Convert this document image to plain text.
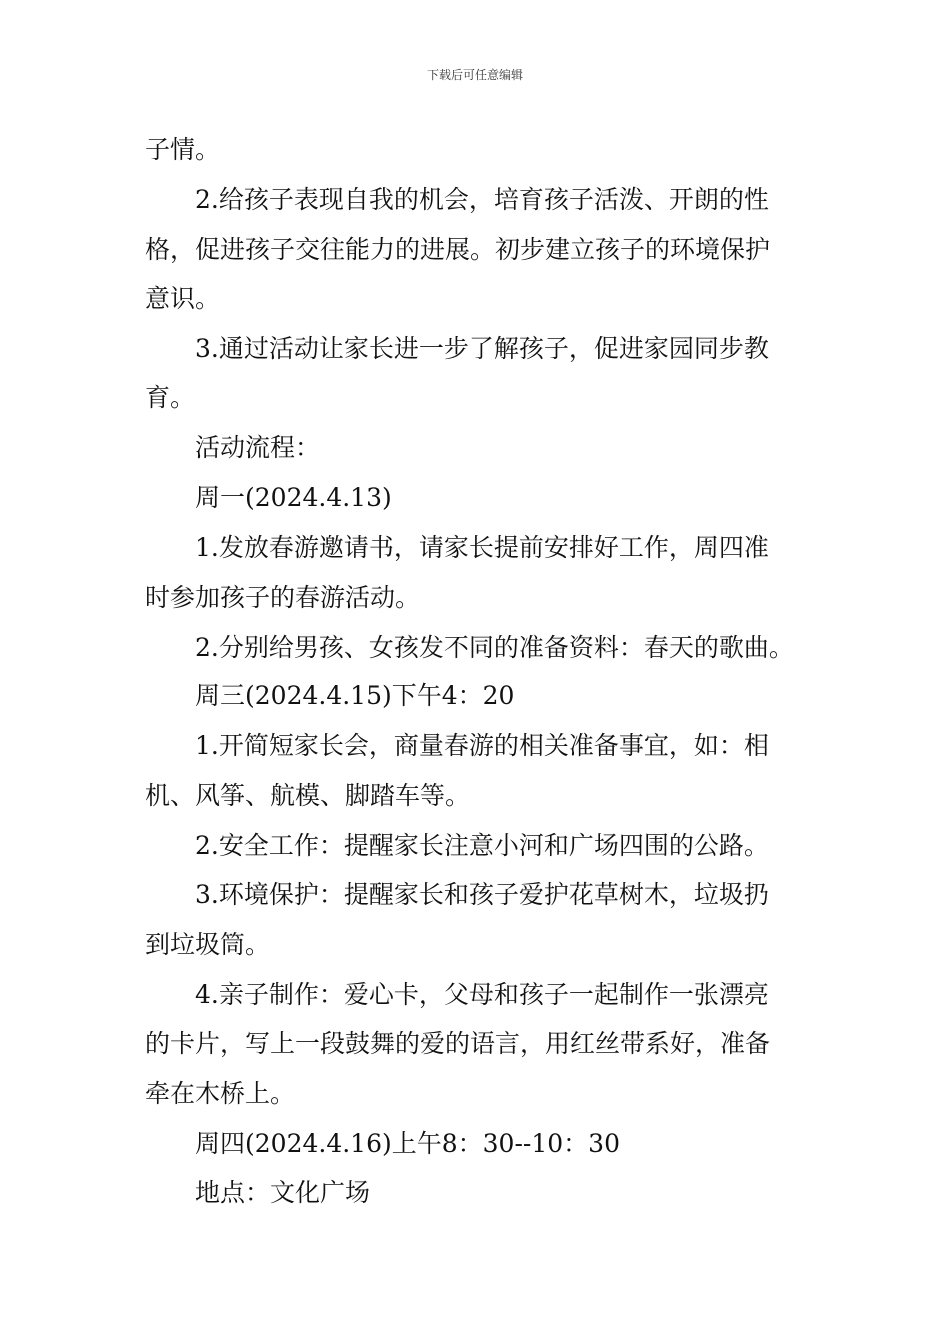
下载后可任意编辑
子情。
2.给孩子表现自我的机会，培育孩子活泼、开朗的性
格，促进孩子交往能力的进展。初步建立孩子的环境保护
意识。
3.通过活动让家长进一步了解孩子，促进家园同步教
育。
活动流程：
周一(2024.4.13)
1.发放春游邀请书，请家长提前安排好工作，周四准
时参加孩子的春游活动。
2.分别给男孩、女孩发不同的准备资料：春天的歌曲。
周三(2024.4.15)下午4：20
1.开简短家长会，商量春游的相关准备事宜，如：相
机、风筝、航模、脚踏车等。
2.安全工作：提醒家长注意小河和广场四围的公路。
3.环境保护：提醒家长和孩子爱护花草树木，垃圾扔
到垃圾筒。
4.亲子制作：爱心卡，父母和孩子一起制作一张漂亮
的卡片，写上一段鼓舞的爱的语言，用红丝带系好，准备
牵在木桥上。
周四(2024.4.16)上午8：30--10：30
地点：文化广场
